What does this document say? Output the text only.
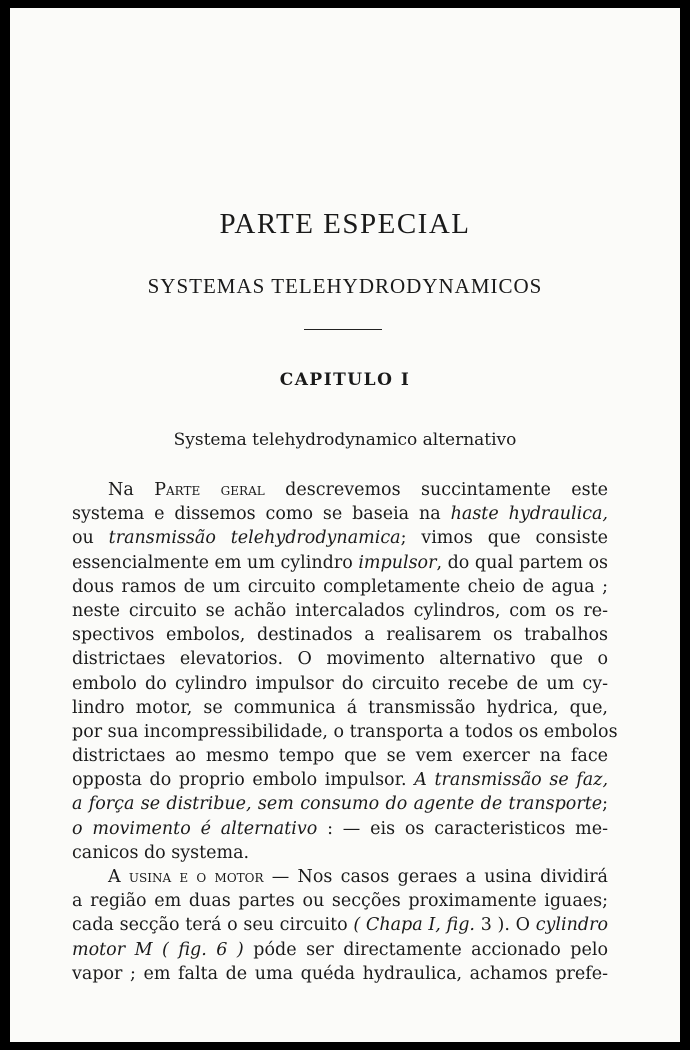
PARTE ESPECIAL
SYSTEMAS TELEHYDRODYNAMICOS
CAPITULO I
Systema telehydrodynamico alternativo
Na Parte geral descrevemos succintamente este
systema e dissemos como se baseia na haste hydraulica,
ou transmissão telehydrodynamica; vimos que consiste
essencialmente em um cylindro impulsor, do qual partem os
dous ramos de um circuito completamente cheio de agua ;
neste circuito se achão intercalados cylindros, com os re-
spectivos embolos, destinados a realisarem os trabalhos
districtaes elevatorios. O movimento alternativo que o
embolo do cylindro impulsor do circuito recebe de um cy-
lindro motor, se communica á transmissão hydrica, que,
por sua incompressibilidade, o transporta a todos os embolos
districtaes ao mesmo tempo que se vem exercer na face
opposta do proprio embolo impulsor. A transmissão se faz,
a força se distribue, sem consumo do agente de transporte;
o movimento é alternativo : — eis os caracteristicos me-
canicos do systema.
A usina e o motor — Nos casos geraes a usina dividirá
a região em duas partes ou secções proximamente iguaes;
cada secção terá o seu circuito ( Chapa I, fig. 3 ). O cylindro
motor M ( fig. 6 ) póde ser directamente accionado pelo
vapor ; em falta de uma quéda hydraulica, achamos prefe-
